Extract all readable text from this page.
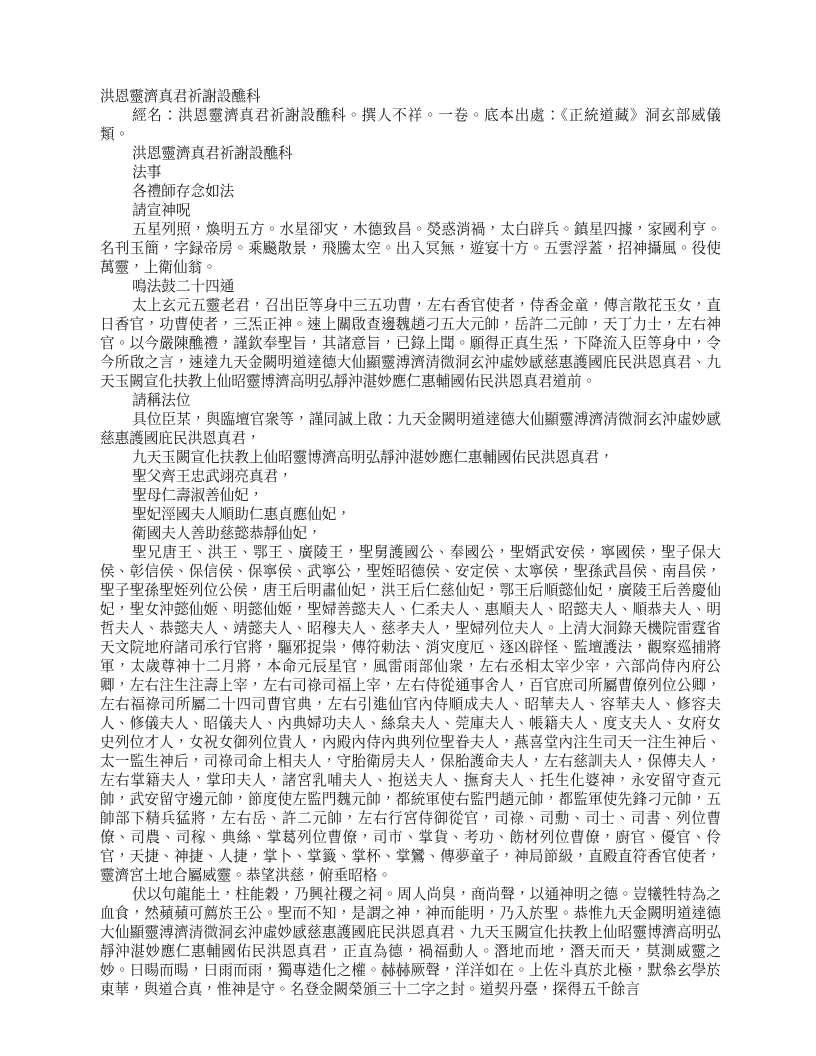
洪恩靈濟真君祈謝設醮科

經名：洪恩靈濟真君祈謝設醮科。撰人不祥。一卷。底本出處：《正統道藏》洞玄部威儀類。

洪恩靈濟真君祈謝設醮科

法事

各禮師存念如法

請宣神呪

五星列照，煥明五方。水星卻灾，木德致昌。熒惑消禍，太白辟兵。鎮星四據，家國利亨。名刊玉簡，字録帝房。乘飈散景，飛騰太空。出入冥無，遊宴十方。五雲浮蓋，招神攝風。役使萬靈，上衛仙翁。

鳴法鼓二十四通

太上玄元五靈老君，召出臣等身中三五功曹，左右香官使者，侍香金童，傳言散花玉女，直日香官，功曹使者，三炁正神。速上關啟查邊魏趙刁五大元帥，岳許二元帥，天丁力士，左右神官。以今嚴陳醮禮，謹欽奉聖旨，其諸意旨，已錄上聞。願得正真生炁，下降流入臣等身中，令今所啟之言，速達九天金闕明道達德大仙顯靈溥濟清微洞玄沖虛妙感慈惠護國庇民洪恩真君、九天玉闕宣化扶教上仙昭靈博濟高明弘靜沖湛妙應仁惠輔國佑民洪恩真君道前。

請稱法位

具位臣某，與臨壇官衆等，謹同誠上啟：九天金闕明道達德大仙顯靈溥濟清微洞玄沖虛妙感慈惠護國庇民洪恩真君，

九天玉闕宣化扶教上仙昭靈博濟高明弘靜沖湛妙應仁惠輔國佑民洪恩真君，

聖父齊王忠武翊亮真君，

聖母仁壽淑善仙妃，

聖妃涇國夫人順助仁惠貞應仙妃，

衛國夫人善助慈懿恭靜仙妃，

聖兄唐王、洪王、鄂王、廣陵王，聖舅護國公、奉國公，聖婿武安侯，寧國侯，聖子保大侯、彰信侯、保信侯、保寧侯、武寧公，聖姪昭德侯、安定侯、太寧侯，聖孫武昌侯、南昌侯，聖子聖孫聖姪列位公侯，唐王后明肅仙妃，洪王后仁慈仙妃，鄂王后順懿仙妃，廣陵王后善慶仙妃，聖女沖懿仙姬、明懿仙姬，聖婦善懿夫人、仁柔夫人、惠順夫人、昭懿夫人、順恭夫人、明哲夫人、恭懿夫人、靖懿夫人、昭穆夫人、慈孝夫人，聖婦列位夫人。上清大洞錄天機院雷霆省天文院地府諸司承行官將，驅邪捉祟，傳符勅法、消灾度厄、逐凶辟怪、監壇護法，觀察巡捕將軍，太歲尊神十二月將，本命元辰星官，風雷雨部仙衆，左右丞相太宰少宰，六部尚侍內府公卿，左右注生注壽上宰，左右司祿司福上宰，左右侍從通事舍人，百官庶司所屬曹僚列位公卿，左右福祿司所屬二十四司曹官典，左右引進仙官內侍順成夫人、昭華夫人、容華夫人、修容夫人、修儀夫人、昭儀夫人、內典婦功夫人、絲枲夫人、莞庫夫人、帳籍夫人、度支夫人、女府女史列位才人，女祝女御列位貴人，內殿內侍內典列位聖眷夫人，燕喜堂內注生司天一注生神后、太一監生神后，司祿司命上相夫人，守胎衛房夫人，保胎護命夫人，左右慈訓夫人，保傳夫人，左右掌籍夫人，掌印夫人，諸宮乳哺夫人、抱送夫人、撫育夫人、托生化婆神，永安留守查元帥，武安留守邊元帥，節度使左監門魏元帥，都統軍使右監門趙元帥，都監軍使先鋒刁元帥，五帥部下精兵猛將，左右岳、許二元帥，左右行宮侍御從官，司祿、司勳、司士、司書、列位曹僚、司農、司稼、典絲、掌葛列位曹僚，司市、掌貨、考功、飭材列位曹僚，廚官、優官、伶官，天捷、神捷、人捷，掌卜、掌籤、掌杯、掌鸞、傳夢童子，神局節級，直殿直符香官使者，靈濟宮土地合屬威靈。恭望洪慈，俯垂昭格。

伏以句龍能土，柱能穀，乃興社稷之祠。周人尚臭，商尚聲，以通神明之德。豈犧牲特為之血食，然蘋蘋可薦於王公。聖而不知，是謂之神，神而能明，乃入於聖。恭惟九天金闕明道達德大仙顯靈溥濟清微洞玄沖虛妙感慈惠護國庇民洪恩真君、九天玉闕宣化扶教上仙昭靈博濟高明弘靜沖湛妙應仁惠輔國佑民洪恩真君，正直為德，禍福動人。潛地而地，潛天而天，莫測威靈之妙。曰暘而暘，曰雨而雨，獨專造化之權。赫赫厥聲，洋洋如在。上佐斗真於北極，默叅玄學於東華，與道合真，惟神是守。名登金闕榮頒三十二字之封。道契丹臺，探得五千餘言
